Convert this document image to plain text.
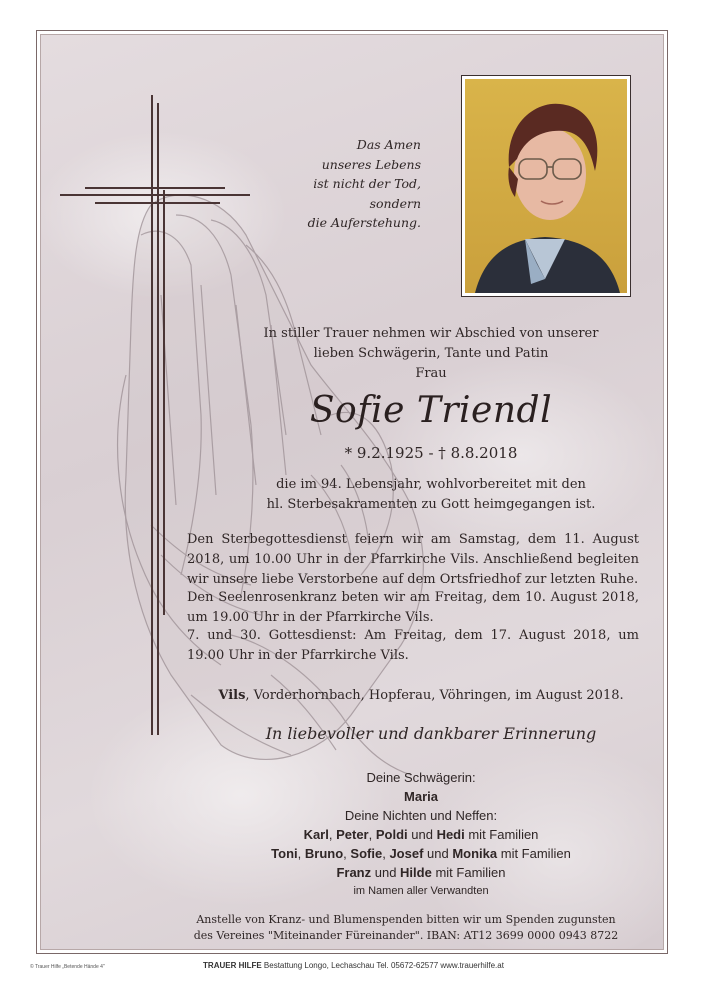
Das Amen
unseres Lebens
ist nicht der Tod,
sondern
die Auferstehung.
In stiller Trauer nehmen wir Abschied von unserer
lieben Schwägerin, Tante und Patin
Frau
Sofie Triendl
* 9.2.1925 - † 8.8.2018
die im 94. Lebensjahr, wohlvorbereitet mit den
hl. Sterbesakramenten zu Gott heimgegangen ist.
Den Sterbegottesdienst feiern wir am Samstag, dem 11. August 2018, um 10.00 Uhr in der Pfarrkirche Vils. Anschließend begleiten wir unsere liebe Verstorbene auf dem Ortsfriedhof zur letzten Ruhe.
Den Seelenrosenkranz beten wir am Freitag, dem 10. August 2018, um 19.00 Uhr in der Pfarrkirche Vils.
7. und 30. Gottesdienst: Am Freitag, dem 17. August 2018, um 19.00 Uhr in der Pfarrkirche Vils.
Vils, Vorderhornbach, Hopferau, Vöhringen, im August 2018.
In liebevoller und dankbarer Erinnerung
Deine Schwägerin:
Maria
Deine Nichten und Neffen:
Karl, Peter, Poldi und Hedi mit Familien
Toni, Bruno, Sofie, Josef und Monika mit Familien
Franz und Hilde mit Familien
im Namen aller Verwandten
Anstelle von Kranz- und Blumenspenden bitten wir um Spenden zugunsten
des Vereines "Miteinander Füreinander". IBAN: AT12 3699 0000 0943 8722
© Trauer Hilfe „Betende Hände 4"	TRAUER HILFE Bestattung Longo, Lechaschau Tel. 05672-62577 www.trauerhilfe.at
